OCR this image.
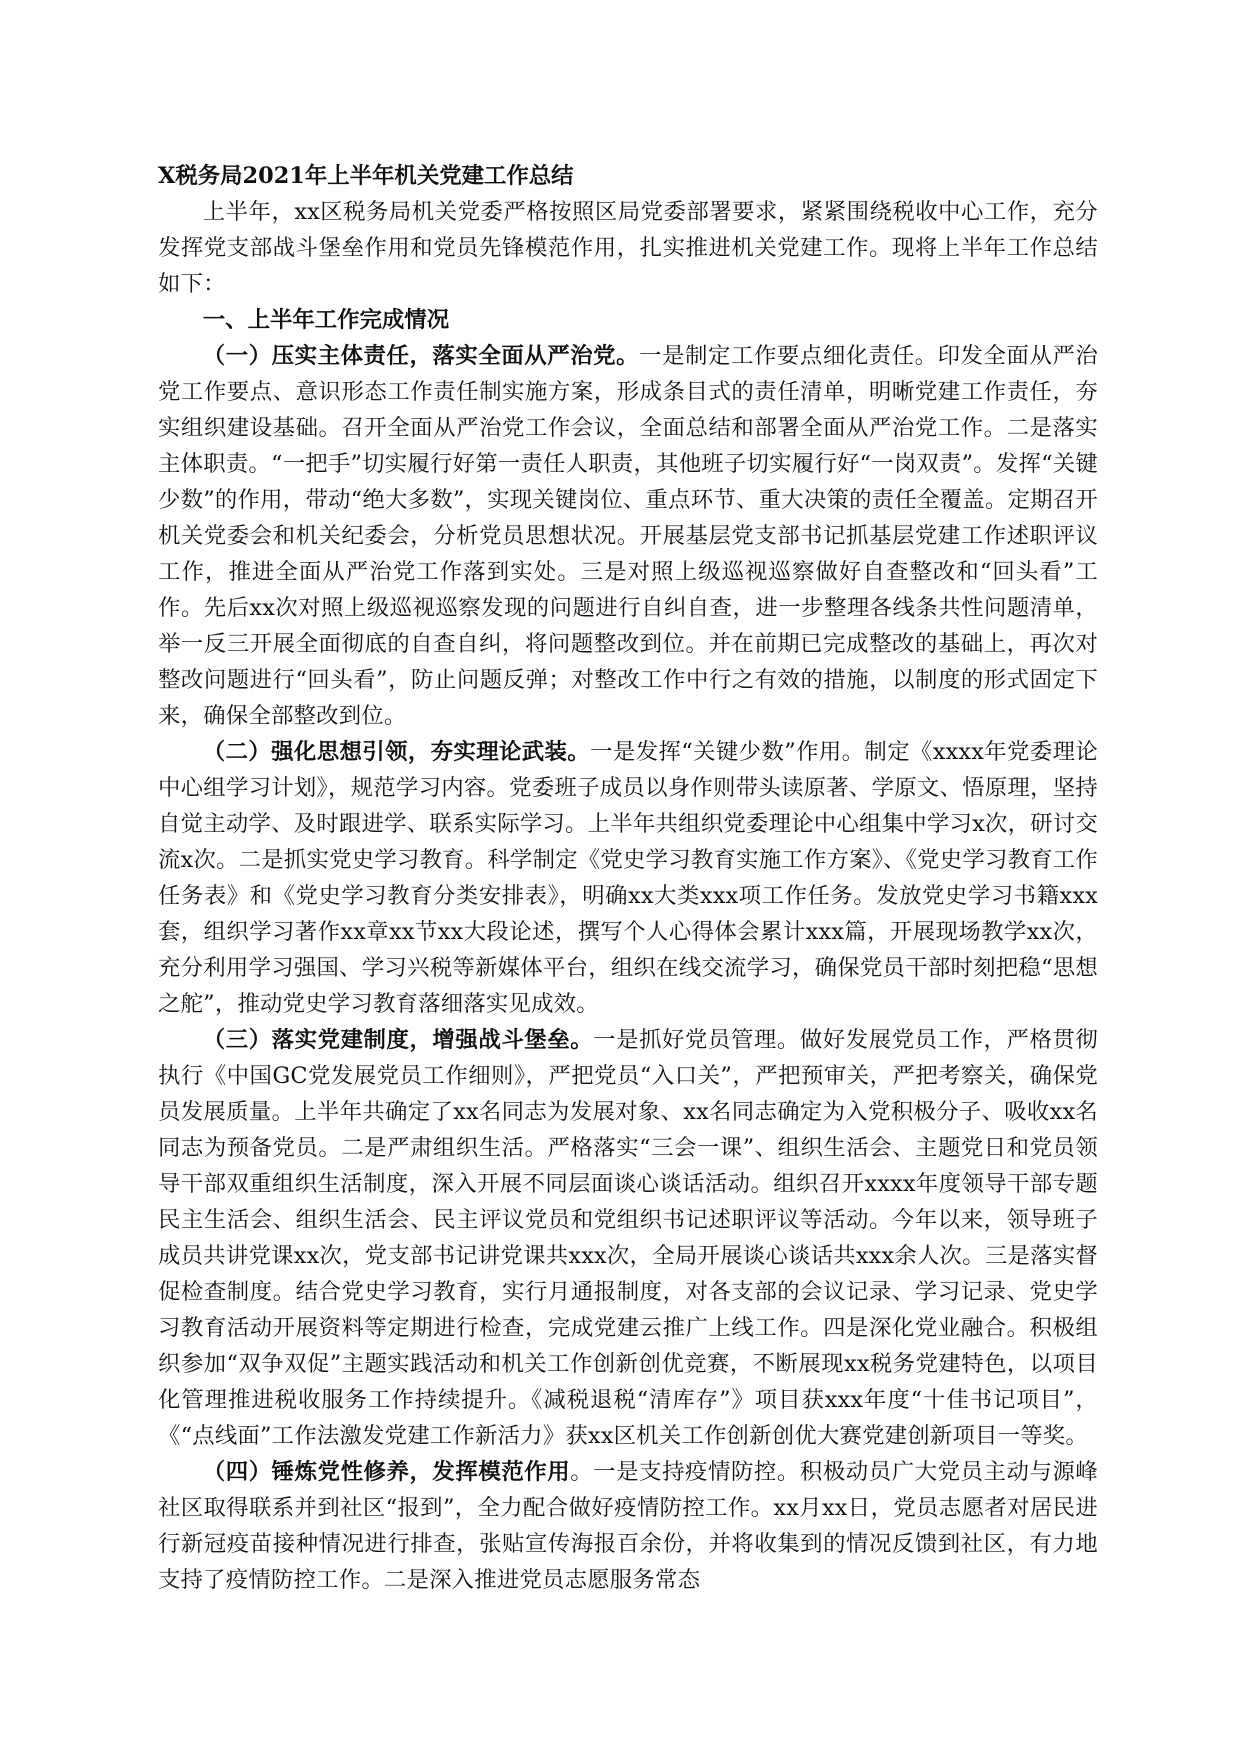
X税务局2021年上半年机关党建工作总结

上半年，xx区税务局机关党委严格按照区局党委部署要求，紧紧围绕税收中心工作，充分发挥党支部战斗堡垒作用和党员先锋模范作用，扎实推进机关党建工作。现将上半年工作总结如下：

一、上半年工作完成情况

（一）压实主体责任，落实全面从严治党。一是制定工作要点细化责任。印发全面从严治党工作要点、意识形态工作责任制实施方案，形成条目式的责任清单，明晰党建工作责任，夯实组织建设基础。召开全面从严治党工作会议，全面总结和部署全面从严治党工作。二是落实主体职责。“一把手”切实履行好第一责任人职责，其他班子切实履行好“一岗双责”。发挥“关键少数”的作用，带动“绝大多数”，实现关键岗位、重点环节、重大决策的责任全覆盖。定期召开机关党委会和机关纪委会，分析党员思想状况。开展基层党支部书记抓基层党建工作述职评议工作，推进全面从严治党工作落到实处。三是对照上级巡视巡察做好自查整改和“回头看”工作。先后xx次对照上级巡视巡察发现的问题进行自纠自查，进一步整理各线条共性问题清单，举一反三开展全面彻底的自查自纠，将问题整改到位。并在前期已完成整改的基础上，再次对整改问题进行“回头看”，防止问题反弹；对整改工作中行之有效的措施，以制度的形式固定下来，确保全部整改到位。

（二）强化思想引领，夯实理论武装。一是发挥“关键少数”作用。制定《xxxx年党委理论中心组学习计划》，规范学习内容。党委班子成员以身作则带头读原著、学原文、悟原理，坚持自觉主动学、及时跟进学、联系实际学习。上半年共组织党委理论中心组集中学习x次，研讨交流x次。二是抓实党史学习教育。科学制定《党史学习教育实施工作方案》、《党史学习教育工作任务表》和《党史学习教育分类安排表》，明确xx大类xxx项工作任务。发放党史学习书籍xxx套，组织学习著作xx章xx节xx大段论述，撰写个人心得体会累计xxx篇，开展现场教学xx次，充分利用学习强国、学习兴税等新媒体平台，组织在线交流学习，确保党员干部时刻把稳“思想之舵”，推动党史学习教育落细落实见成效。

（三）落实党建制度，增强战斗堡垒。一是抓好党员管理。做好发展党员工作，严格贯彻执行《中国GC党发展党员工作细则》，严把党员“入口关”，严把预审关，严把考察关，确保党员发展质量。上半年共确定了xx名同志为发展对象、xx名同志确定为入党积极分子、吸收xx名同志为预备党员。二是严肃组织生活。严格落实“三会一课”、组织生活会、主题党日和党员领导干部双重组织生活制度，深入开展不同层面谈心谈话活动。组织召开xxxx年度领导干部专题民主生活会、组织生活会、民主评议党员和党组织书记述职评议等活动。今年以来，领导班子成员共讲党课xx次，党支部书记讲党课共xxx次，全局开展谈心谈话共xxx余人次。三是落实督促检查制度。结合党史学习教育，实行月通报制度，对各支部的会议记录、学习记录、党史学习教育活动开展资料等定期进行检查，完成党建云推广上线工作。四是深化党业融合。积极组织参加“双争双促”主题实践活动和机关工作创新创优竞赛，不断展现xx税务党建特色，以项目化管理推进税收服务工作持续提升。《减税退税“清库存”》项目获xxx年度“十佳书记项目”，《“点线面”工作法激发党建工作新活力》获xx区机关工作创新创优大赛党建创新项目一等奖。

（四）锤炼党性修养，发挥模范作用。一是支持疫情防控。积极动员广大党员主动与源峰社区取得联系并到社区“报到”，全力配合做好疫情防控工作。xx月xx日，党员志愿者对居民进行新冠疫苗接种情况进行排查，张贴宣传海报百余份，并将收集到的情况反馈到社区，有力地支持了疫情防控工作。二是深入推进党员志愿服务常态
